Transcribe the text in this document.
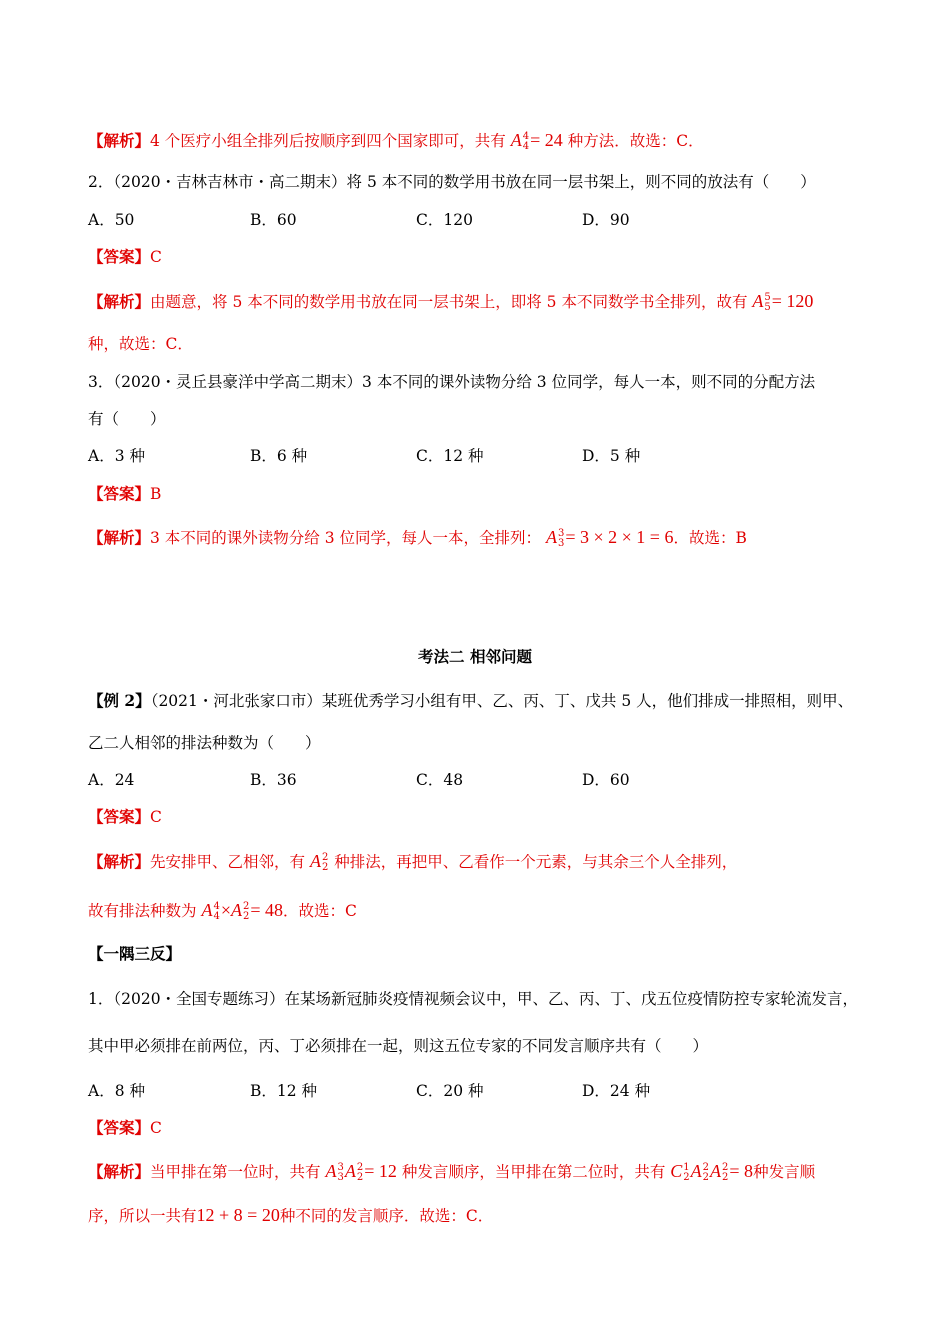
【解析】4 个医疗小组全排列后按顺序到四个国家即可，共有 A 4
4 = 24 种方法．故选：C．
2．（2020・吉林吉林市・高二期末）将 5 本不同的数学用书放在同一层书架上，则不同的放法有（　　）
A．50	B．60	C．120	D．90
【答案】C
【解析】由题意，将 5 本不同的数学用书放在同一层书架上，即将 5 本不同数学书全排列，故有 A 5
5 = 120
种，故选：C．
3．（2020・灵丘县豪洋中学高二期末）3 本不同的课外读物分给 3 位同学，每人一本，则不同的分配方法
有（　　）
A．3 种	B．6 种	C．12 种	D．5 种
【答案】B
【解析】3 本不同的课外读物分给 3 位同学，每人一本，全排列： A 3
3 = 3 × 2 × 1 = 6．故选：B
考法二 相邻问题
【例 2】（2021・河北张家口市）某班优秀学习小组有甲、乙、丙、丁、戊共 5 人，他们排成一排照相，则甲、
乙二人相邻的排法种数为（　　）
A．24	B．36	C．48	D．60
【答案】C
【解析】先安排甲、乙相邻，有 A 2
2 种排法，再把甲、乙看作一个元素，与其余三个人全排列，
故有排法种数为 A 4
4 ×A 2
2 = 48．故选：C
【一隅三反】
1．（2020・全国专题练习）在某场新冠肺炎疫情视频会议中，甲、乙、丙、丁、戊五位疫情防控专家轮流发言，
其中甲必须排在前两位，丙、丁必须排在一起，则这五位专家的不同发言顺序共有（　　）
A．8 种	B．12 种	C．20 种	D．24 种
【答案】C
【解析】当甲排在第一位时，共有 A 3
3 A 2
2 = 12 种发言顺序，当甲排在第二位时，共有 C 1
2 A 2
2 A 2
2 = 8种发言顺
序，所以一共有12 + 8 = 20种不同的发言顺序．故选：C．
